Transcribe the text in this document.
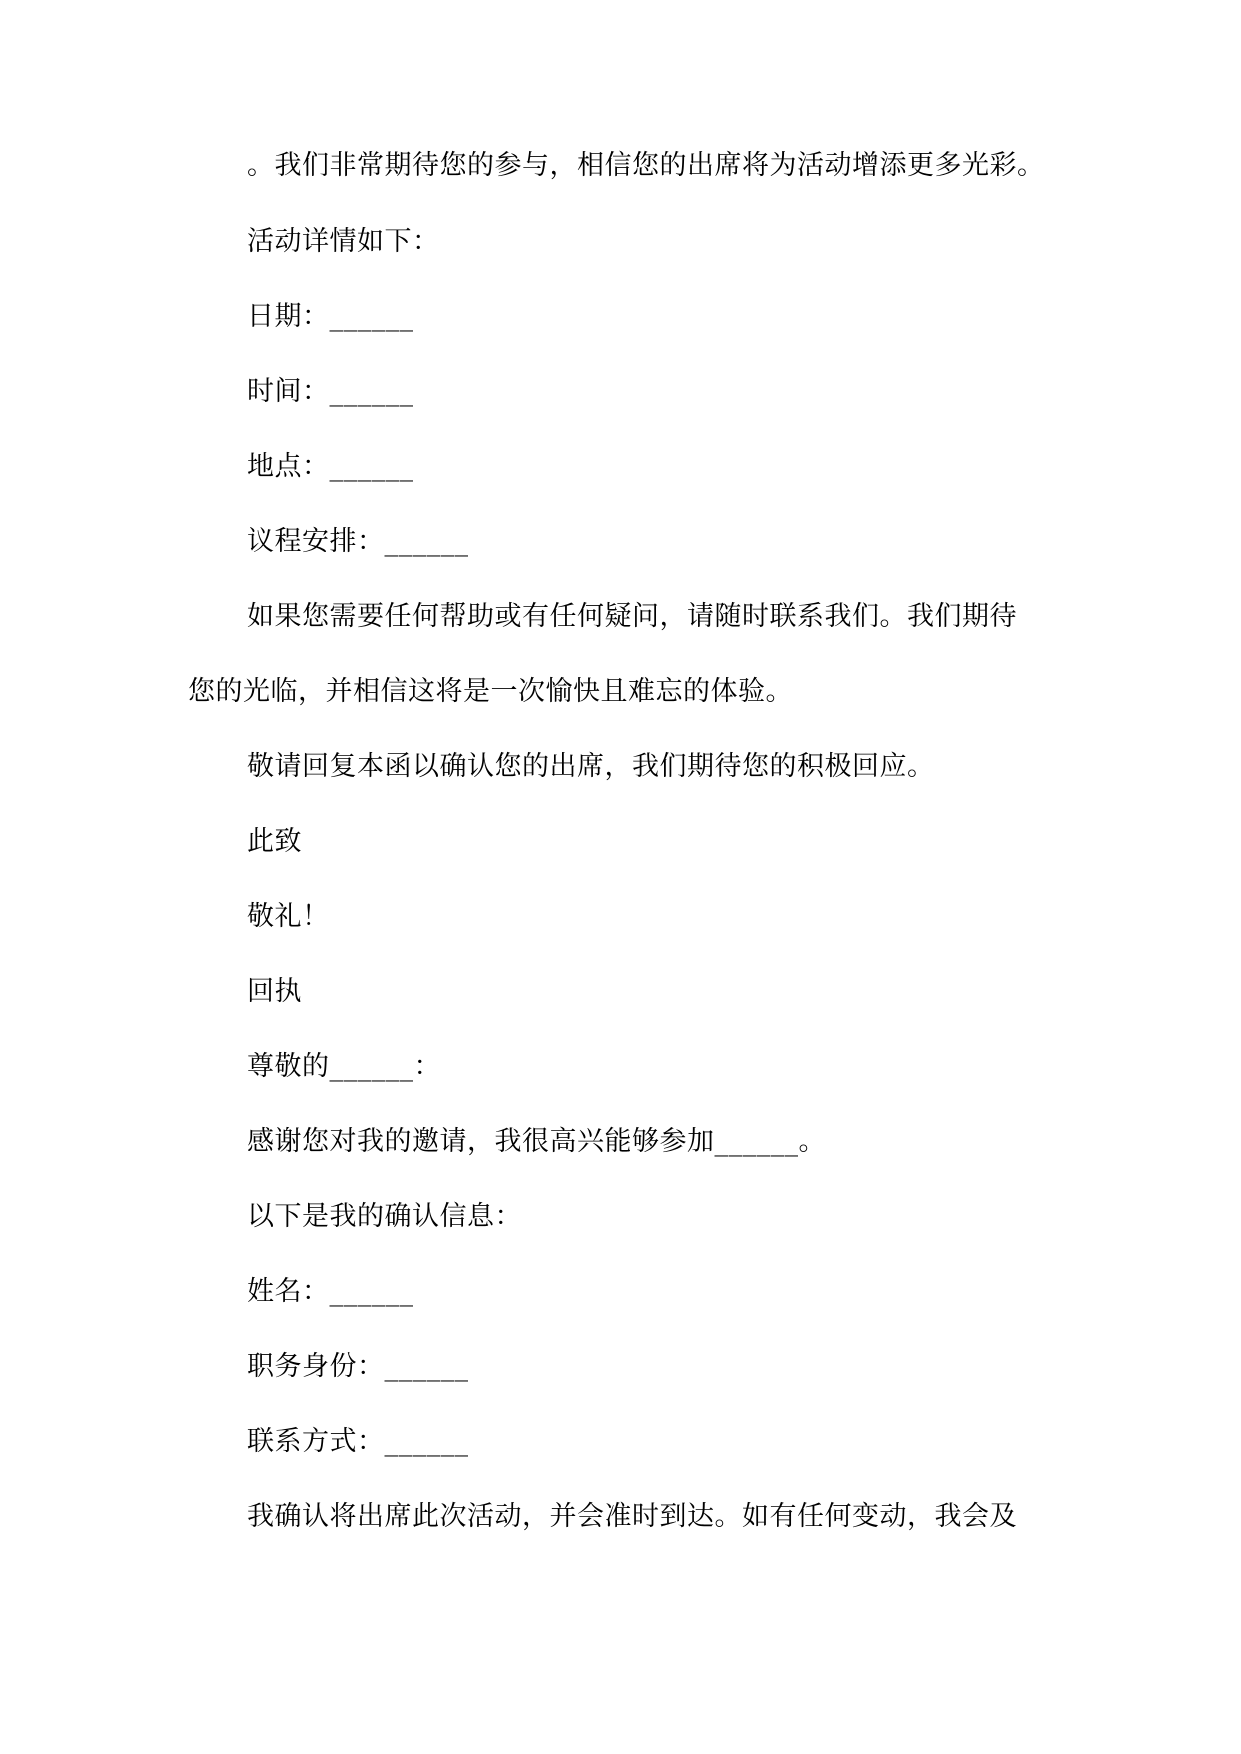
。我们非常期待您的参与，相信您的出席将为活动增添更多光彩。
活动详情如下：
日期：______
时间：______
地点：______
议程安排：______
如果您需要任何帮助或有任何疑问，请随时联系我们。我们期待
您的光临，并相信这将是一次愉快且难忘的体验。
敬请回复本函以确认您的出席，我们期待您的积极回应。
此致
敬礼！
回执
尊敬的______：
感谢您对我的邀请，我很高兴能够参加______。
以下是我的确认信息：
姓名：______
职务身份：______
联系方式：______
我确认将出席此次活动，并会准时到达。如有任何变动，我会及
